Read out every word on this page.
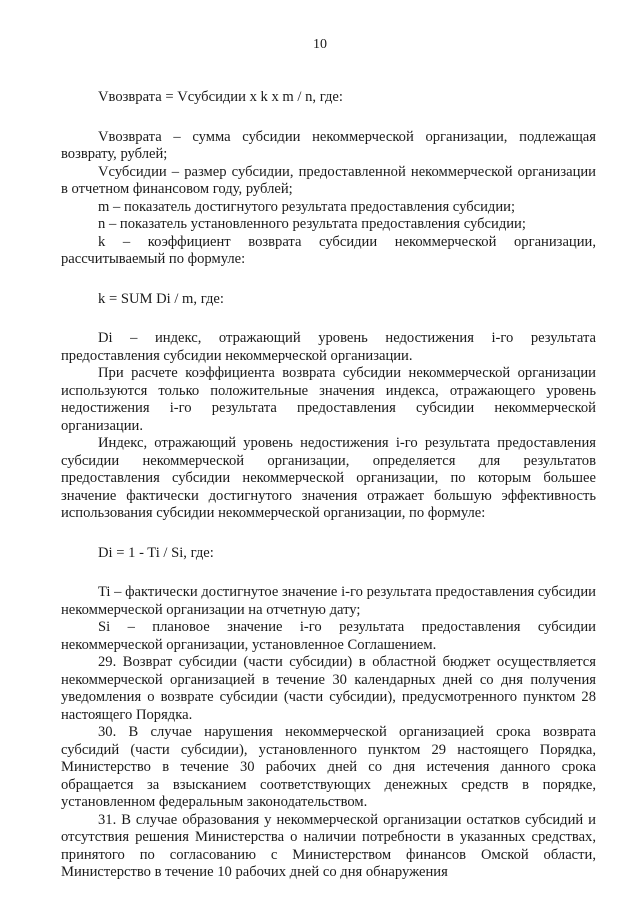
10

Vвозврата = Vсубсидии x k x m / n, где:

Vвозврата – сумма субсидии некоммерческой организации, подлежащая возврату, рублей;

Vсубсидии – размер субсидии, предоставленной некоммерческой организации в отчетном финансовом году, рублей;

m – показатель достигнутого результата предоставления субсидии;

n – показатель установленного результата предоставления субсидии;

k – коэффициент возврата субсидии некоммерческой организации, рассчитываемый по формуле:

k = SUM Di / m, где:

Di – индекс, отражающий уровень недостижения i-го результата предоставления субсидии некоммерческой организации.

При расчете коэффициента возврата субсидии некоммерческой организации используются только положительные значения индекса, отражающего уровень недостижения i-го результата предоставления субсидии некоммерческой организации.

Индекс, отражающий уровень недостижения i-го результата предоставления субсидии некоммерческой организации, определяется для результатов предоставления субсидии некоммерческой организации, по которым большее значение фактически достигнутого значения отражает большую эффективность использования субсидии некоммерческой организации, по формуле:

Di = 1 - Ti / Si, где:

Ti – фактически достигнутое значение i-го результата предоставления субсидии некоммерческой организации на отчетную дату;

Si – плановое значение i-го результата предоставления субсидии некоммерческой организации, установленное Соглашением.

29. Возврат субсидии (части субсидии) в областной бюджет осуществляется некоммерческой организацией в течение 30 календарных дней со дня получения уведомления о возврате субсидии (части субсидии), предусмотренного пунктом 28 настоящего Порядка.

30. В случае нарушения некоммерческой организацией срока возврата субсидий (части субсидии), установленного пунктом 29 настоящего Порядка, Министерство в течение 30 рабочих дней со дня истечения данного срока обращается за взысканием соответствующих денежных средств в порядке, установленном федеральным законодательством.

31. В случае образования у некоммерческой организации остатков субсидий и отсутствия решения Министерства о наличии потребности в указанных средствах, принятого по согласованию с Министерством финансов Омской области, Министерство в течение 10 рабочих дней со дня обнаружения
